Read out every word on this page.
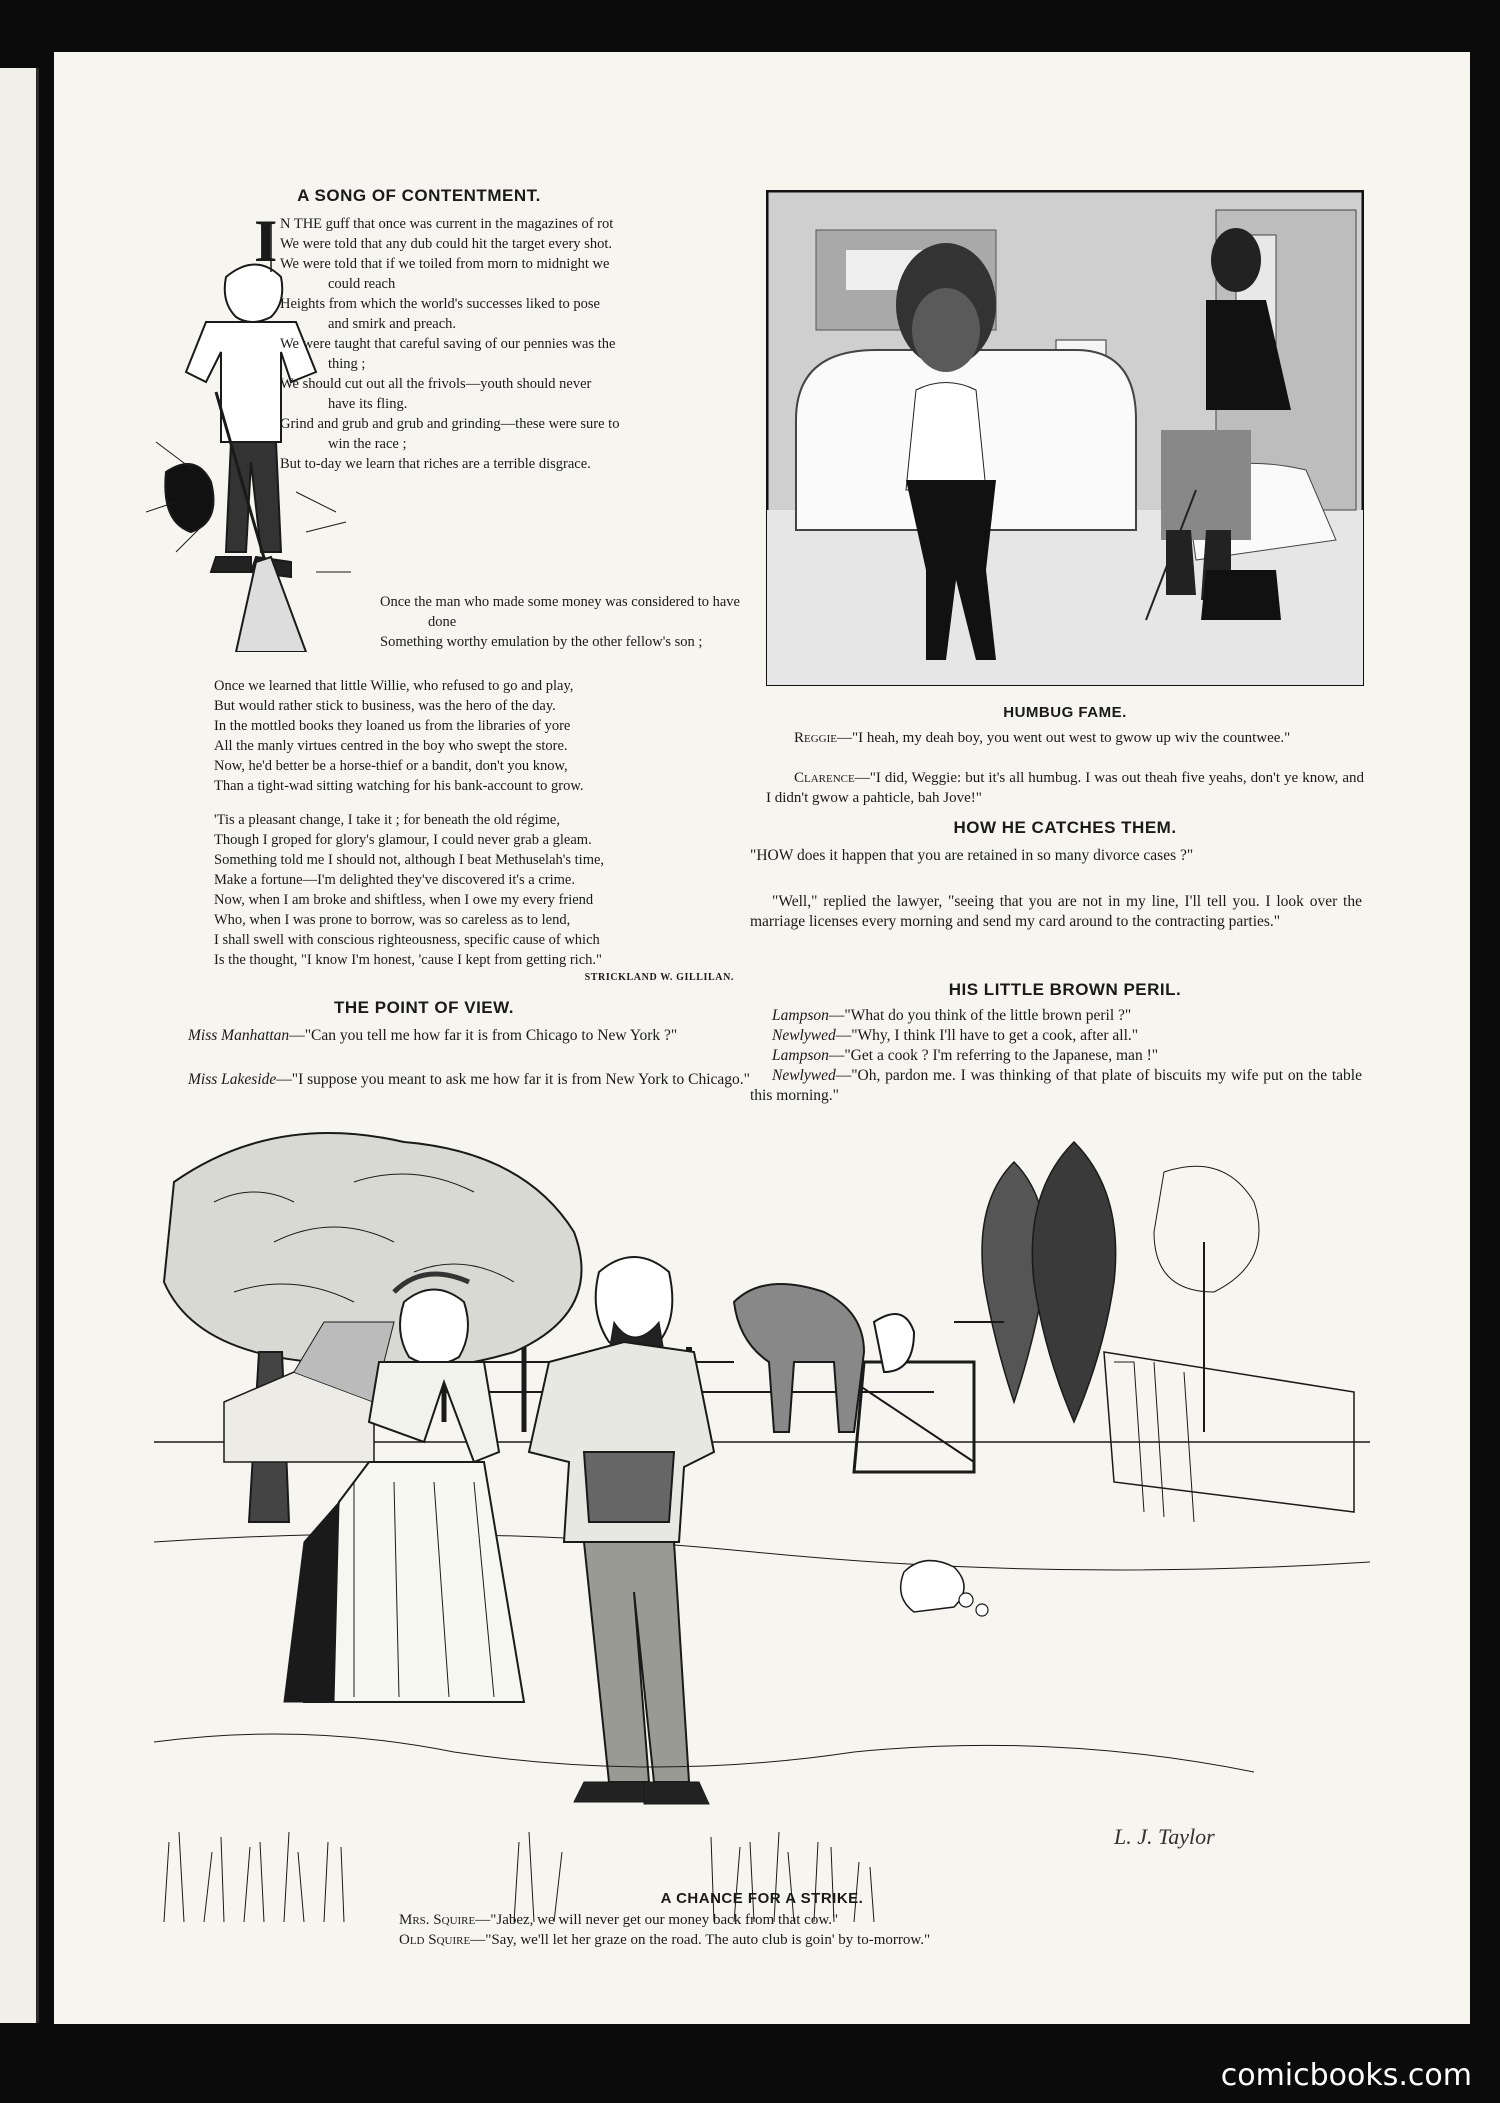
A SONG OF CONTENTMENT.
I N THE guff that once was current in the magazines of rot
We were told that any dub could hit the target every shot.
We were told that if we toiled from morn to midnight we could reach
Heights from which the world's successes liked to pose and smirk and preach.
We were taught that careful saving of our pennies was the thing ;
We should cut out all the frivols—youth should never have its fling.
Grind and grub and grub and grinding—these were sure to win the race ;
But to-day we learn that riches are a terrible disgrace.
Once the man who made some money was considered to have done
Something worthy emulation by the other fellow's son ;
Once we learned that little Willie, who refused to go and play,
But would rather stick to business, was the hero of the day.
In the mottled books they loaned us from the libraries of yore
All the manly virtues centred in the boy who swept the store.
Now, he'd better be a horse-thief or a bandit, don't you know,
Than a tight-wad sitting watching for his bank-account to grow.
'Tis a pleasant change, I take it ; for beneath the old régime,
Though I groped for glory's glamour, I could never grab a gleam.
Something told me I should not, although I beat Methuselah's time,
Make a fortune—I'm delighted they've discovered it's a crime.
Now, when I am broke and shiftless, when I owe my every friend
Who, when I was prone to borrow, was so careless as to lend,
I shall swell with conscious righteousness, specific cause of which
Is the thought, "I know I'm honest, 'cause I kept from getting rich."
STRICKLAND W. GILLILAN.
THE POINT OF VIEW.
Miss Manhattan—"Can you tell me how far it is from Chicago to New York ?"
Miss Lakeside—"I suppose you meant to ask me how far it is from New York to Chicago."
HUMBUG FAME.
Reggie—"I heah, my deah boy, you went out west to gwow up wiv the countwee."
Clarence—"I did, Weggie: but it's all humbug. I was out theah five yeahs, don't ye know, and I didn't gwow a pahticle, bah Jove!"
HOW HE CATCHES THEM.
"HOW does it happen that you are retained in so many divorce cases ?"
"Well," replied the lawyer, "seeing that you are not in my line, I'll tell you. I look over the marriage licenses every morning and send my card around to the contracting parties."
HIS LITTLE BROWN PERIL.
Lampson—"What do you think of the little brown peril ?"
Newlywed—"Why, I think I'll have to get a cook, after all."
Lampson—"Get a cook ? I'm referring to the Japanese, man !"
Newlywed—"Oh, pardon me. I was thinking of that plate of biscuits my wife put on the table this morning."
L. J. Taylor
A CHANCE FOR A STRIKE.
Mrs. Squire—"Jabez, we will never get our money back from that cow."
Old Squire—"Say, we'll let her graze on the road. The auto club is goin' by to-morrow."
comicbooks.com
